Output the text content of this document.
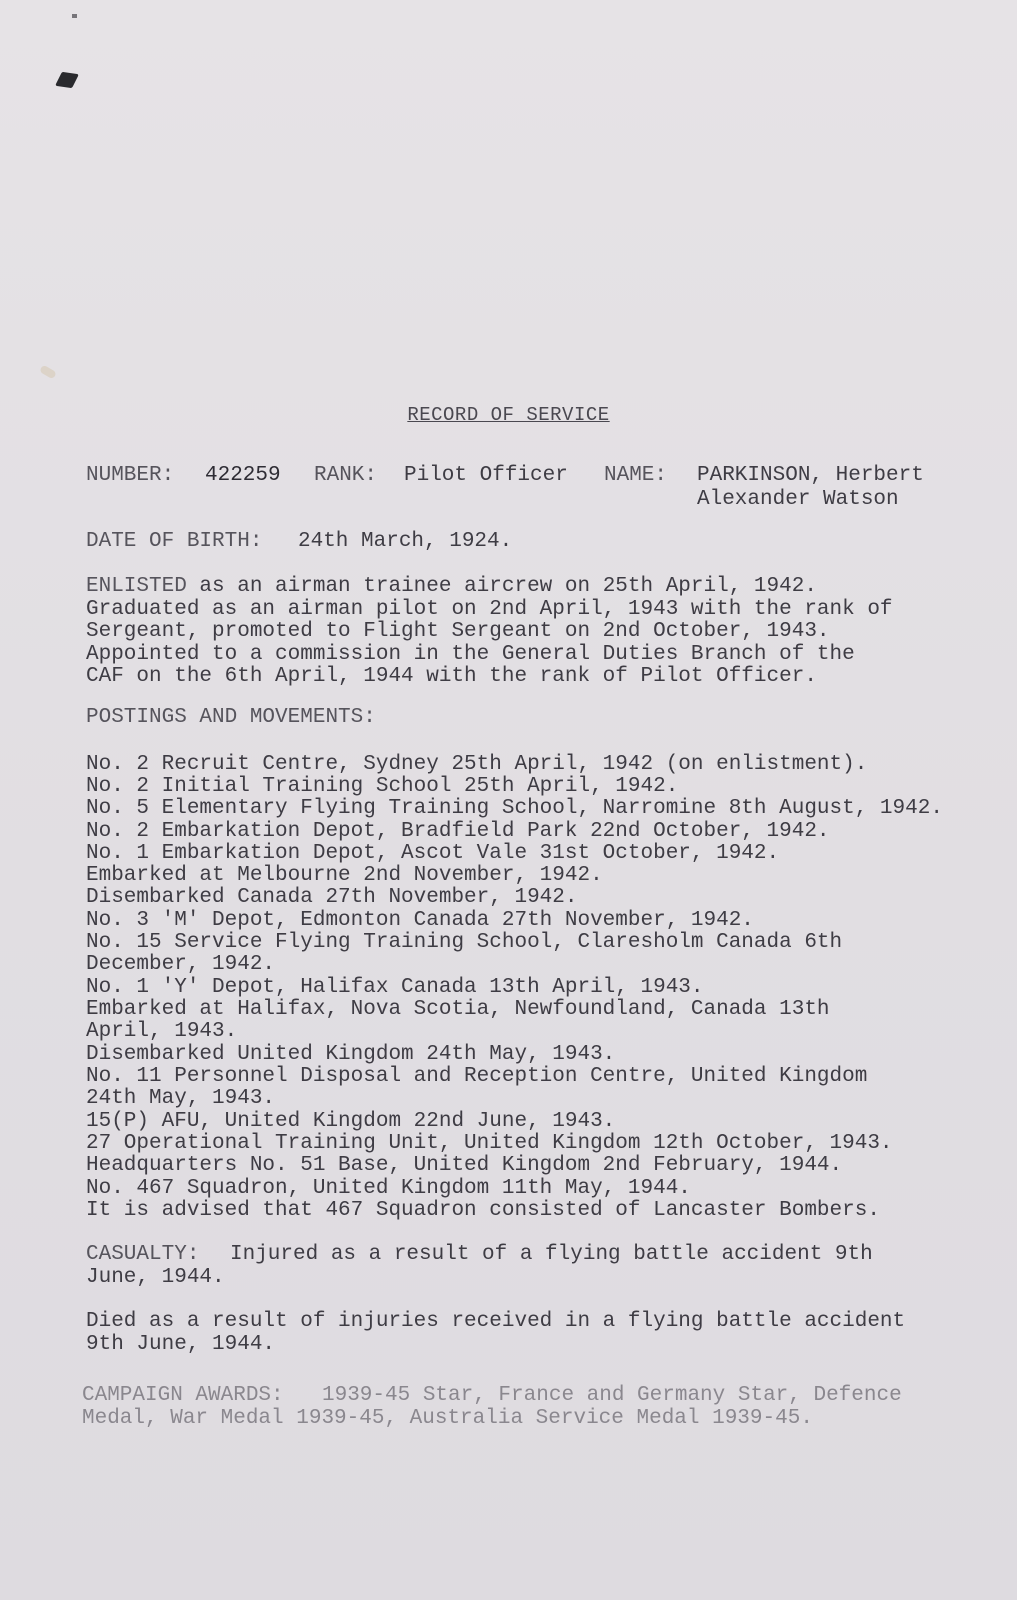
RECORD OF SERVICE
NUMBER: 422259 RANK: Pilot Officer NAME: PARKINSON, Herbert
Alexander Watson
DATE OF BIRTH: 24th March, 1924.
ENLISTED as an airman trainee aircrew on 25th April, 1942.
Graduated as an airman pilot on 2nd April, 1943 with the rank of
Sergeant, promoted to Flight Sergeant on 2nd October, 1943.
Appointed to a commission in the General Duties Branch of the
CAF on the 6th April, 1944 with the rank of Pilot Officer.
POSTINGS AND MOVEMENTS:
No. 2 Recruit Centre, Sydney 25th April, 1942 (on enlistment).
No. 2 Initial Training School 25th April, 1942.
No. 5 Elementary Flying Training School, Narromine 8th August, 1942.
No. 2 Embarkation Depot, Bradfield Park 22nd October, 1942.
No. 1 Embarkation Depot, Ascot Vale 31st October, 1942.
Embarked at Melbourne 2nd November, 1942.
Disembarked Canada 27th November, 1942.
No. 3 'M' Depot, Edmonton Canada 27th November, 1942.
No. 15 Service Flying Training School, Claresholm Canada 6th
December, 1942.
No. 1 'Y' Depot, Halifax Canada 13th April, 1943.
Embarked at Halifax, Nova Scotia, Newfoundland, Canada 13th
April, 1943.
Disembarked United Kingdom 24th May, 1943.
No. 11 Personnel Disposal and Reception Centre, United Kingdom
24th May, 1943.
15(P) AFU, United Kingdom 22nd June, 1943.
27 Operational Training Unit, United Kingdom 12th October, 1943.
Headquarters No. 51 Base, United Kingdom 2nd February, 1944.
No. 467 Squadron, United Kingdom 11th May, 1944.
It is advised that 467 Squadron consisted of Lancaster Bombers.
CASUALTY: Injured as a result of a flying battle accident 9th
June, 1944.
Died as a result of injuries received in a flying battle accident
9th June, 1944.
CAMPAIGN AWARDS: 1939-45 Star, France and Germany Star, Defence
Medal, War Medal 1939-45, Australia Service Medal 1939-45.
